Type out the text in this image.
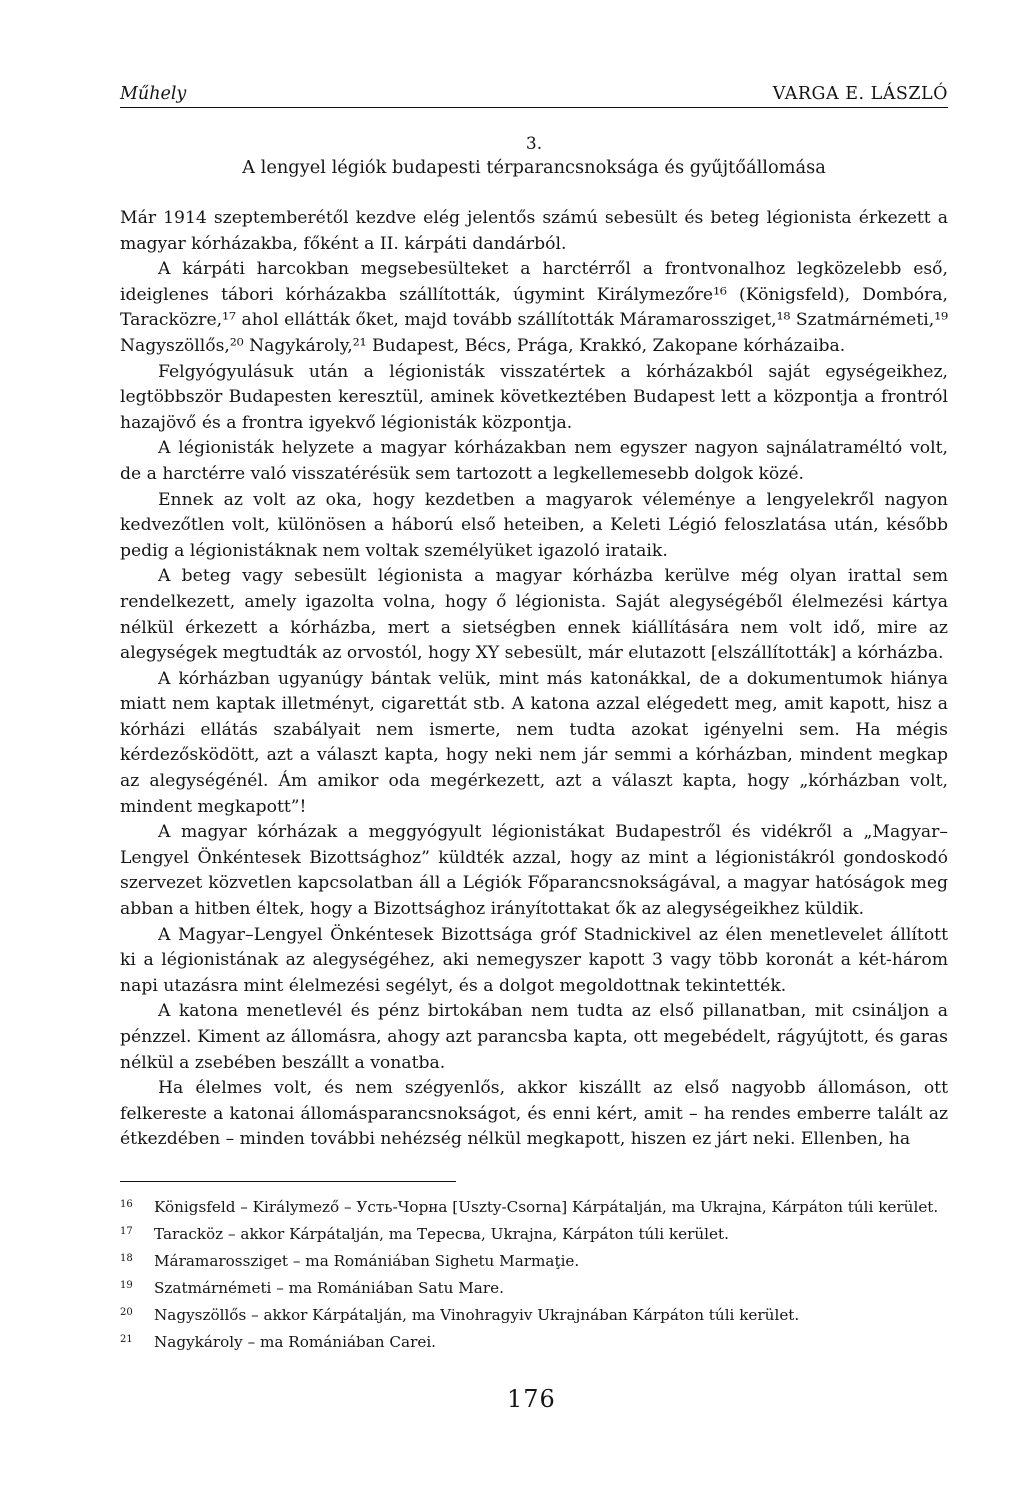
Műhely	VARGA E. LÁSZLÓ
3.
A lengyel légiók budapesti térparancsnoksága és gyűjtőállomása

Már 1914 szeptemberétől kezdve elég jelentős számú sebesült és beteg légionista érkezett a magyar kórházakba, főként a II. kárpáti dandárból.

A kárpáti harcokban megsebesülteket a harctérről a frontvonalhoz legközelebb eső, ideiglenes tábori kórházakba szállították, úgymint Királymezőre¹⁶ (Königsfeld), Dombóra, Taracközre,¹⁷ ahol ellátták őket, majd tovább szállították Máramarossziget,¹⁸ Szatmárnémeti,¹⁹ Nagyszöllős,²⁰ Nagykároly,²¹ Budapest, Bécs, Prága, Krakkó, Zakopane kórházaiba.

Felgyógyulásuk után a légionisták visszatértek a kórházakból saját egységeikhez, legtöbbször Budapesten keresztül, aminek következtében Budapest lett a központja a frontról hazajövő és a frontra igyekvő légionisták központja.

A légionisták helyzete a magyar kórházakban nem egyszer nagyon sajnálatraméltó volt, de a harctérre való visszatérésük sem tartozott a legkellemesebb dolgok közé.

Ennek az volt az oka, hogy kezdetben a magyarok véleménye a lengyelekről nagyon kedvezőtlen volt, különösen a háború első heteiben, a Keleti Légió feloszlatása után, később pedig a légionistáknak nem voltak személyüket igazoló irataik.

A beteg vagy sebesült légionista a magyar kórházba kerülve még olyan irattal sem rendelkezett, amely igazolta volna, hogy ő légionista. Saját alegységéből élelmezési kártya nélkül érkezett a kórházba, mert a sietségben ennek kiállítására nem volt idő, mire az alegységek megtudták az orvostól, hogy XY sebesült, már elutazott [elszállították] a kórházba.

A kórházban ugyanúgy bántak velük, mint más katonákkal, de a dokumentumok hiánya miatt nem kaptak illetményt, cigarettát stb. A katona azzal elégedett meg, amit kapott, hisz a kórházi ellátás szabályait nem ismerte, nem tudta azokat igényelni sem. Ha mégis kérdezősködött, azt a választ kapta, hogy neki nem jár semmi a kórházban, mindent megkap az alegységénél. Ám amikor oda megérkezett, azt a választ kapta, hogy „kórházban volt, mindent megkapott”!

A magyar kórházak a meggyógyult légionistákat Budapestről és vidékről a „Magyar–Lengyel Önkéntesek Bizottsághoz” küldték azzal, hogy az mint a légionistákról gondoskodó szervezet közvetlen kapcsolatban áll a Légiók Főparancsnokságával, a magyar hatóságok meg abban a hitben éltek, hogy a Bizottsághoz irányítottakat ők az alegységeikhez küldik.

A Magyar–Lengyel Önkéntesek Bizottsága gróf Stadnickivel az élen menetlevelet állított ki a légionistának az alegységéhez, aki nemegyszer kapott 3 vagy több koronát a két-három napi utazásra mint élelmezési segélyt, és a dolgot megoldottnak tekintették.

A katona menetlevél és pénz birtokában nem tudta az első pillanatban, mit csináljon a pénzzel. Kiment az állomásra, ahogy azt parancsba kapta, ott megebédelt, rágyújtott, és garas nélkül a zsebében beszállt a vonatba.

Ha élelmes volt, és nem szégyenlős, akkor kiszállt az első nagyobb állomáson, ott felkereste a katonai állomásparancsnokságot, és enni kért, amit – ha rendes emberre talált az étkezdében – minden további nehézség nélkül megkapott, hiszen ez járt neki. Ellenben, ha

16	Königsfeld – Királymező – Усть-Чорна [Uszty-Csorna] Kárpátalján, ma Ukrajna, Kárpáton túli kerület.
17	Taracköz – akkor Kárpátalján, ma Тересва, Ukrajna, Kárpáton túli kerület.
18	Máramarossziget – ma Romániában Sighetu Marmaţie.
19	Szatmárnémeti – ma Romániában Satu Mare.
20	Nagyszöllős – akkor Kárpátalján, ma Vinohragyiv Ukrajnában Kárpáton túli kerület.
21	Nagykároly – ma Romániában Carei.
176
